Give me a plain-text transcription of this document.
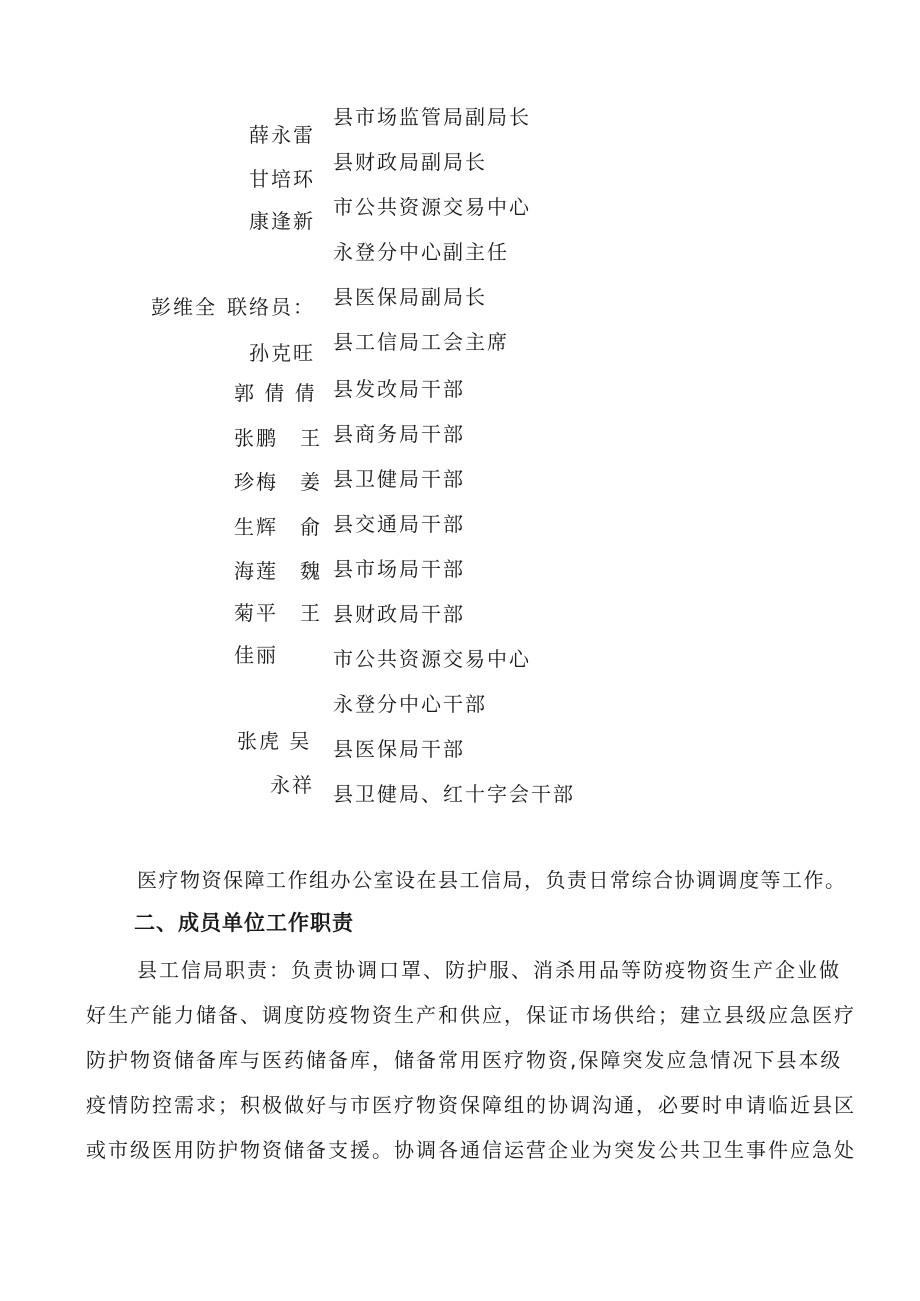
薛永雷
甘培环
康逢新
彭维全 联络员：
孙克旺
郭 倩 倩
张鹏　王
珍梅　姜
生辉　俞
海莲　魏
菊平　王
佳丽
张虎 吴
永祥
县市场监管局副局长
县财政局副局长
市公共资源交易中心
永登分中心副主任
县医保局副局长
县工信局工会主席
县发改局干部
县商务局干部
县卫健局干部
县交通局干部
县市场局干部
县财政局干部
市公共资源交易中心
永登分中心干部
县医保局干部
县卫健局、红十字会干部
医疗物资保障工作组办公室设在县工信局，负责日常综合协调调度等工作。
二、成员单位工作职责
县工信局职责：负责协调口罩、防护服、消杀用品等防疫物资生产企业做
好生产能力储备、调度防疫物资生产和供应，保证市场供给；建立县级应急医疗
防护物资储备库与医药储备库，储备常用医疗物资,保障突发应急情况下县本级
疫情防控需求；积极做好与市医疗物资保障组的协调沟通，必要时申请临近县区
或市级医用防护物资储备支援。协调各通信运营企业为突发公共卫生事件应急处
